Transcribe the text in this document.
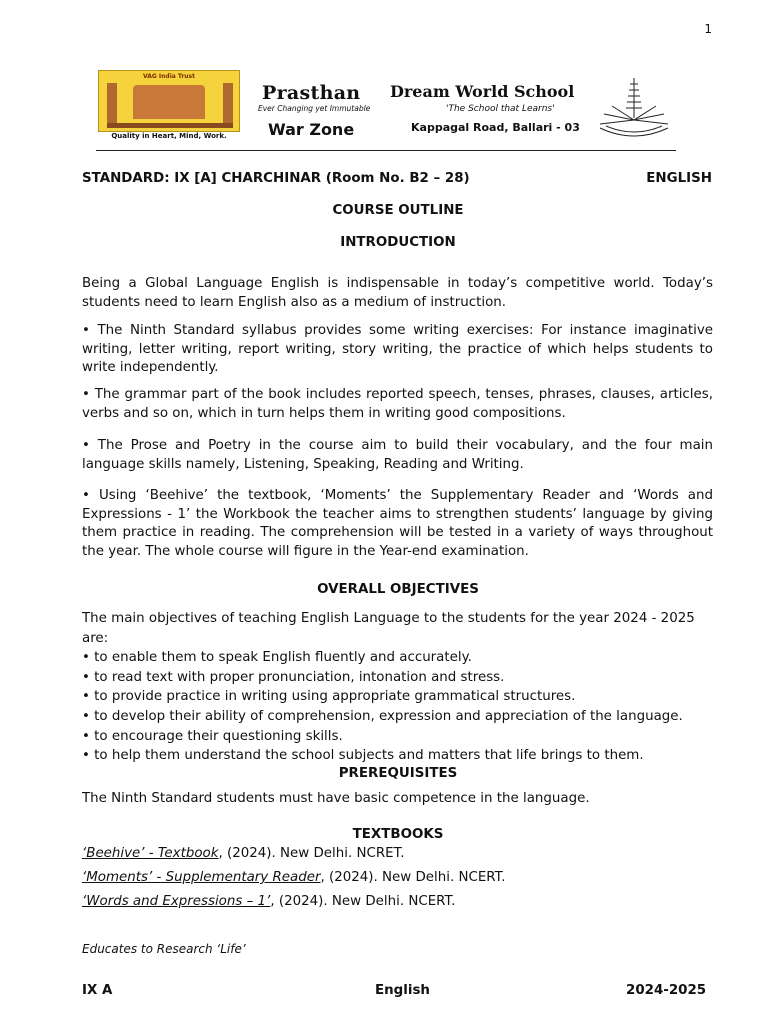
1
VAG India Trust
Quality in Heart, Mind, Work.
Prasthan
Ever Changing yet Immutable
War Zone
Dream World School
'The School that Learns'
Kappagal Road, Ballari - 03
STANDARD: IX [A] CHARCHINAR (Room No. B2 – 28)	ENGLISH
COURSE OUTLINE
INTRODUCTION
Being a Global Language English is indispensable in today’s competitive world. Today’s students need to learn English also as a medium of instruction.
• The Ninth Standard syllabus provides some writing exercises: For instance imaginative writing, letter writing, report writing, story writing, the practice of which helps students to write independently.
• The grammar part of the book includes reported speech, tenses, phrases, clauses, articles, verbs and so on, which in turn helps them in writing good compositions.
• The Prose and Poetry in the course aim to build their vocabulary, and the four main language skills namely, Listening, Speaking, Reading and Writing.
• Using ‘Beehive’ the textbook, ‘Moments’ the Supplementary Reader and ‘Words and Expressions - 1’ the Workbook the teacher aims to strengthen students’ language by giving them practice in reading. The comprehension will be tested in a variety of ways throughout the year. The whole course will figure in the Year-end examination.
OVERALL OBJECTIVES
The main objectives of teaching English Language to the students for the year 2024 - 2025 are:
• to enable them to speak English fluently and accurately.
• to read text with proper pronunciation, intonation and stress.
• to provide practice in writing using appropriate grammatical structures.
• to develop their ability of comprehension, expression and appreciation of the language.
• to encourage their questioning skills.
• to help them understand the school subjects and matters that life brings to them.
PREREQUISITES
The Ninth Standard students must have basic competence in the language.
TEXTBOOKS
‘Beehive’ - Textbook, (2024). New Delhi. NCRET.
‘Moments’ - Supplementary Reader, (2024). New Delhi. NCERT.
‘Words and Expressions – 1’, (2024). New Delhi. NCERT.
Educates to Research ‘Life’
IX A	English	2024-2025
